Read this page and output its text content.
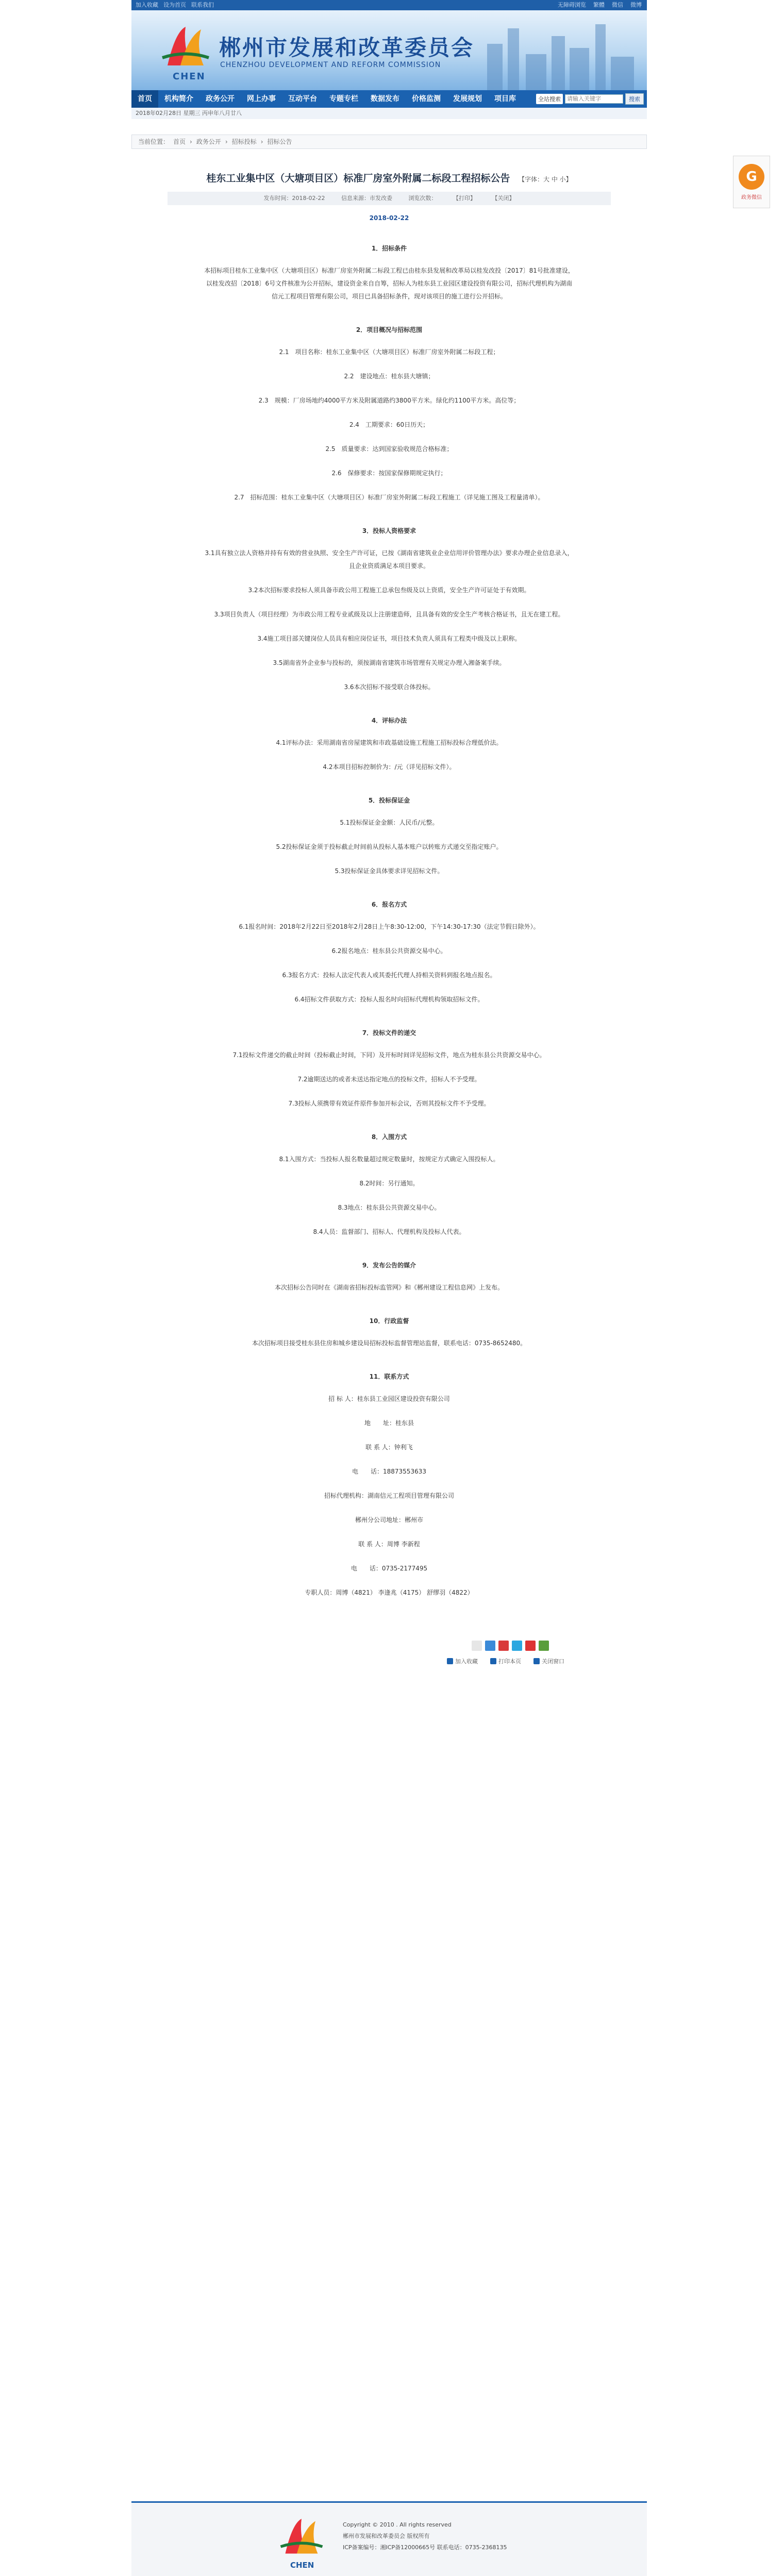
加入收藏 设为首页 联系我们	无障碍浏览 繁體 微信 微博
CHEN
郴州市发展和改革委员会
CHENZHOU DEVELOPMENT AND REFORM COMMISSION
首页	机构简介	政务公开	网上办事	互动平台	专题专栏	数据发布	价格监测	发展规划	项目库	全站搜索
请输入关键字	搜索
2018年02月28日 星期三 丙申年八月廿八
当前位置： 首页 › 政务公开 › 招标投标 › 招标公告
桂东工业集中区（大塘项目区）标准厂房室外附属二标段工程招标公告 【字体：大 中 小】
发布时间：2018-02-22	信息来源：市发改委	浏览次数：	【打印】	【关闭】
2018-02-22
1．招标条件
本招标项目桂东工业集中区（大塘项目区）标准厂房室外附属二标段工程已由桂东县发展和改革局以桂发改投〔2017〕81号批准建设，以桂发改招〔2018〕6号文件核准为公开招标，建设资金来自自筹，招标人为桂东县工业园区建设投资有限公司，招标代理机构为湖南信元工程项目管理有限公司，项目已具备招标条件，现对该项目的施工进行公开招标。
2．项目概况与招标范围
2.1　项目名称：桂东工业集中区（大塘项目区）标准厂房室外附属二标段工程；
2.2　建设地点：桂东县大塘镇；
2.3　规模：厂房场地约4000平方米及附属道路约3800平方米。绿化约1100平方米。高位等；
2.4　工期要求：60日历天；
2.5　质量要求：达到国家验收规范合格标准；
2.6　保修要求：按国家保修期规定执行；
2.7　招标范围：桂东工业集中区（大塘项目区）标准厂房室外附属二标段工程施工（详见施工图及工程量清单）。
3．投标人资格要求
3.1具有独立法人资格并持有有效的营业执照、安全生产许可证，已按《湖南省建筑业企业信用评价管理办法》要求办理企业信息录入，且企业资质满足本项目要求。
3.2本次招标要求投标人须具备市政公用工程施工总承包叁级及以上资质，安全生产许可证处于有效期。
3.3项目负责人（项目经理）为市政公用工程专业贰级及以上注册建造师，且具备有效的安全生产考核合格证书，且无在建工程。
3.4施工项目部关键岗位人员具有相应岗位证书，项目技术负责人须具有工程类中级及以上职称。
3.5湖南省外企业参与投标的，须按湖南省建筑市场管理有关规定办理入湘备案手续。
3.6本次招标不接受联合体投标。
4．评标办法
4.1评标办法：采用湖南省房屋建筑和市政基础设施工程施工招标投标合理低价法。
4.2本项目招标控制价为：/元（详见招标文件）。
5．投标保证金
5.1投标保证金金额：人民币/元整。
5.2投标保证金须于投标截止时间前从投标人基本账户以转账方式递交至指定账户。
5.3投标保证金具体要求详见招标文件。
6．报名方式
6.1报名时间：2018年2月22日至2018年2月28日上午8:30-12:00，下午14:30-17:30（法定节假日除外）。
6.2报名地点：桂东县公共资源交易中心。
6.3报名方式：投标人法定代表人或其委托代理人持相关资料到报名地点报名。
6.4招标文件获取方式：投标人报名时向招标代理机构领取招标文件。
7．投标文件的递交
7.1投标文件递交的截止时间（投标截止时间，下同）及开标时间详见招标文件，地点为桂东县公共资源交易中心。
7.2逾期送达的或者未送达指定地点的投标文件，招标人不予受理。
7.3投标人须携带有效证件原件参加开标会议，否则其投标文件不予受理。
8．入围方式
8.1入围方式：当投标人报名数量超过规定数量时，按规定方式确定入围投标人。
8.2时间：另行通知。
8.3地点：桂东县公共资源交易中心。
8.4人员：监督部门、招标人、代理机构及投标人代表。
9．发布公告的媒介
本次招标公告同时在《湖南省招标投标监管网》和《郴州建设工程信息网》上发布。
10．行政监督
本次招标项目接受桂东县住房和城乡建设局招标投标监督管理站监督，联系电话：0735-8652480。
11．联系方式
招 标 人：桂东县工业园区建设投资有限公司
地　　址：桂东县
联 系 人：钟利飞
电　　话：18873553633
招标代理机构：湖南信元工程项目管理有限公司
郴州分公司地址：郴州市
联 系 人：周博 李新程
电　　话：0735-2177495
专职人员：周博（4821） 李逢兆（4175） 舒缪羽（4822）
加入收藏	打印本页	关闭窗口
G
政务微信
CHEN
Copyright © 2010 . All rights reserved
郴州市发展和改革委员会 版权所有
ICP备案编号：湘ICP备12000665号 联系电话：0735-2368135
